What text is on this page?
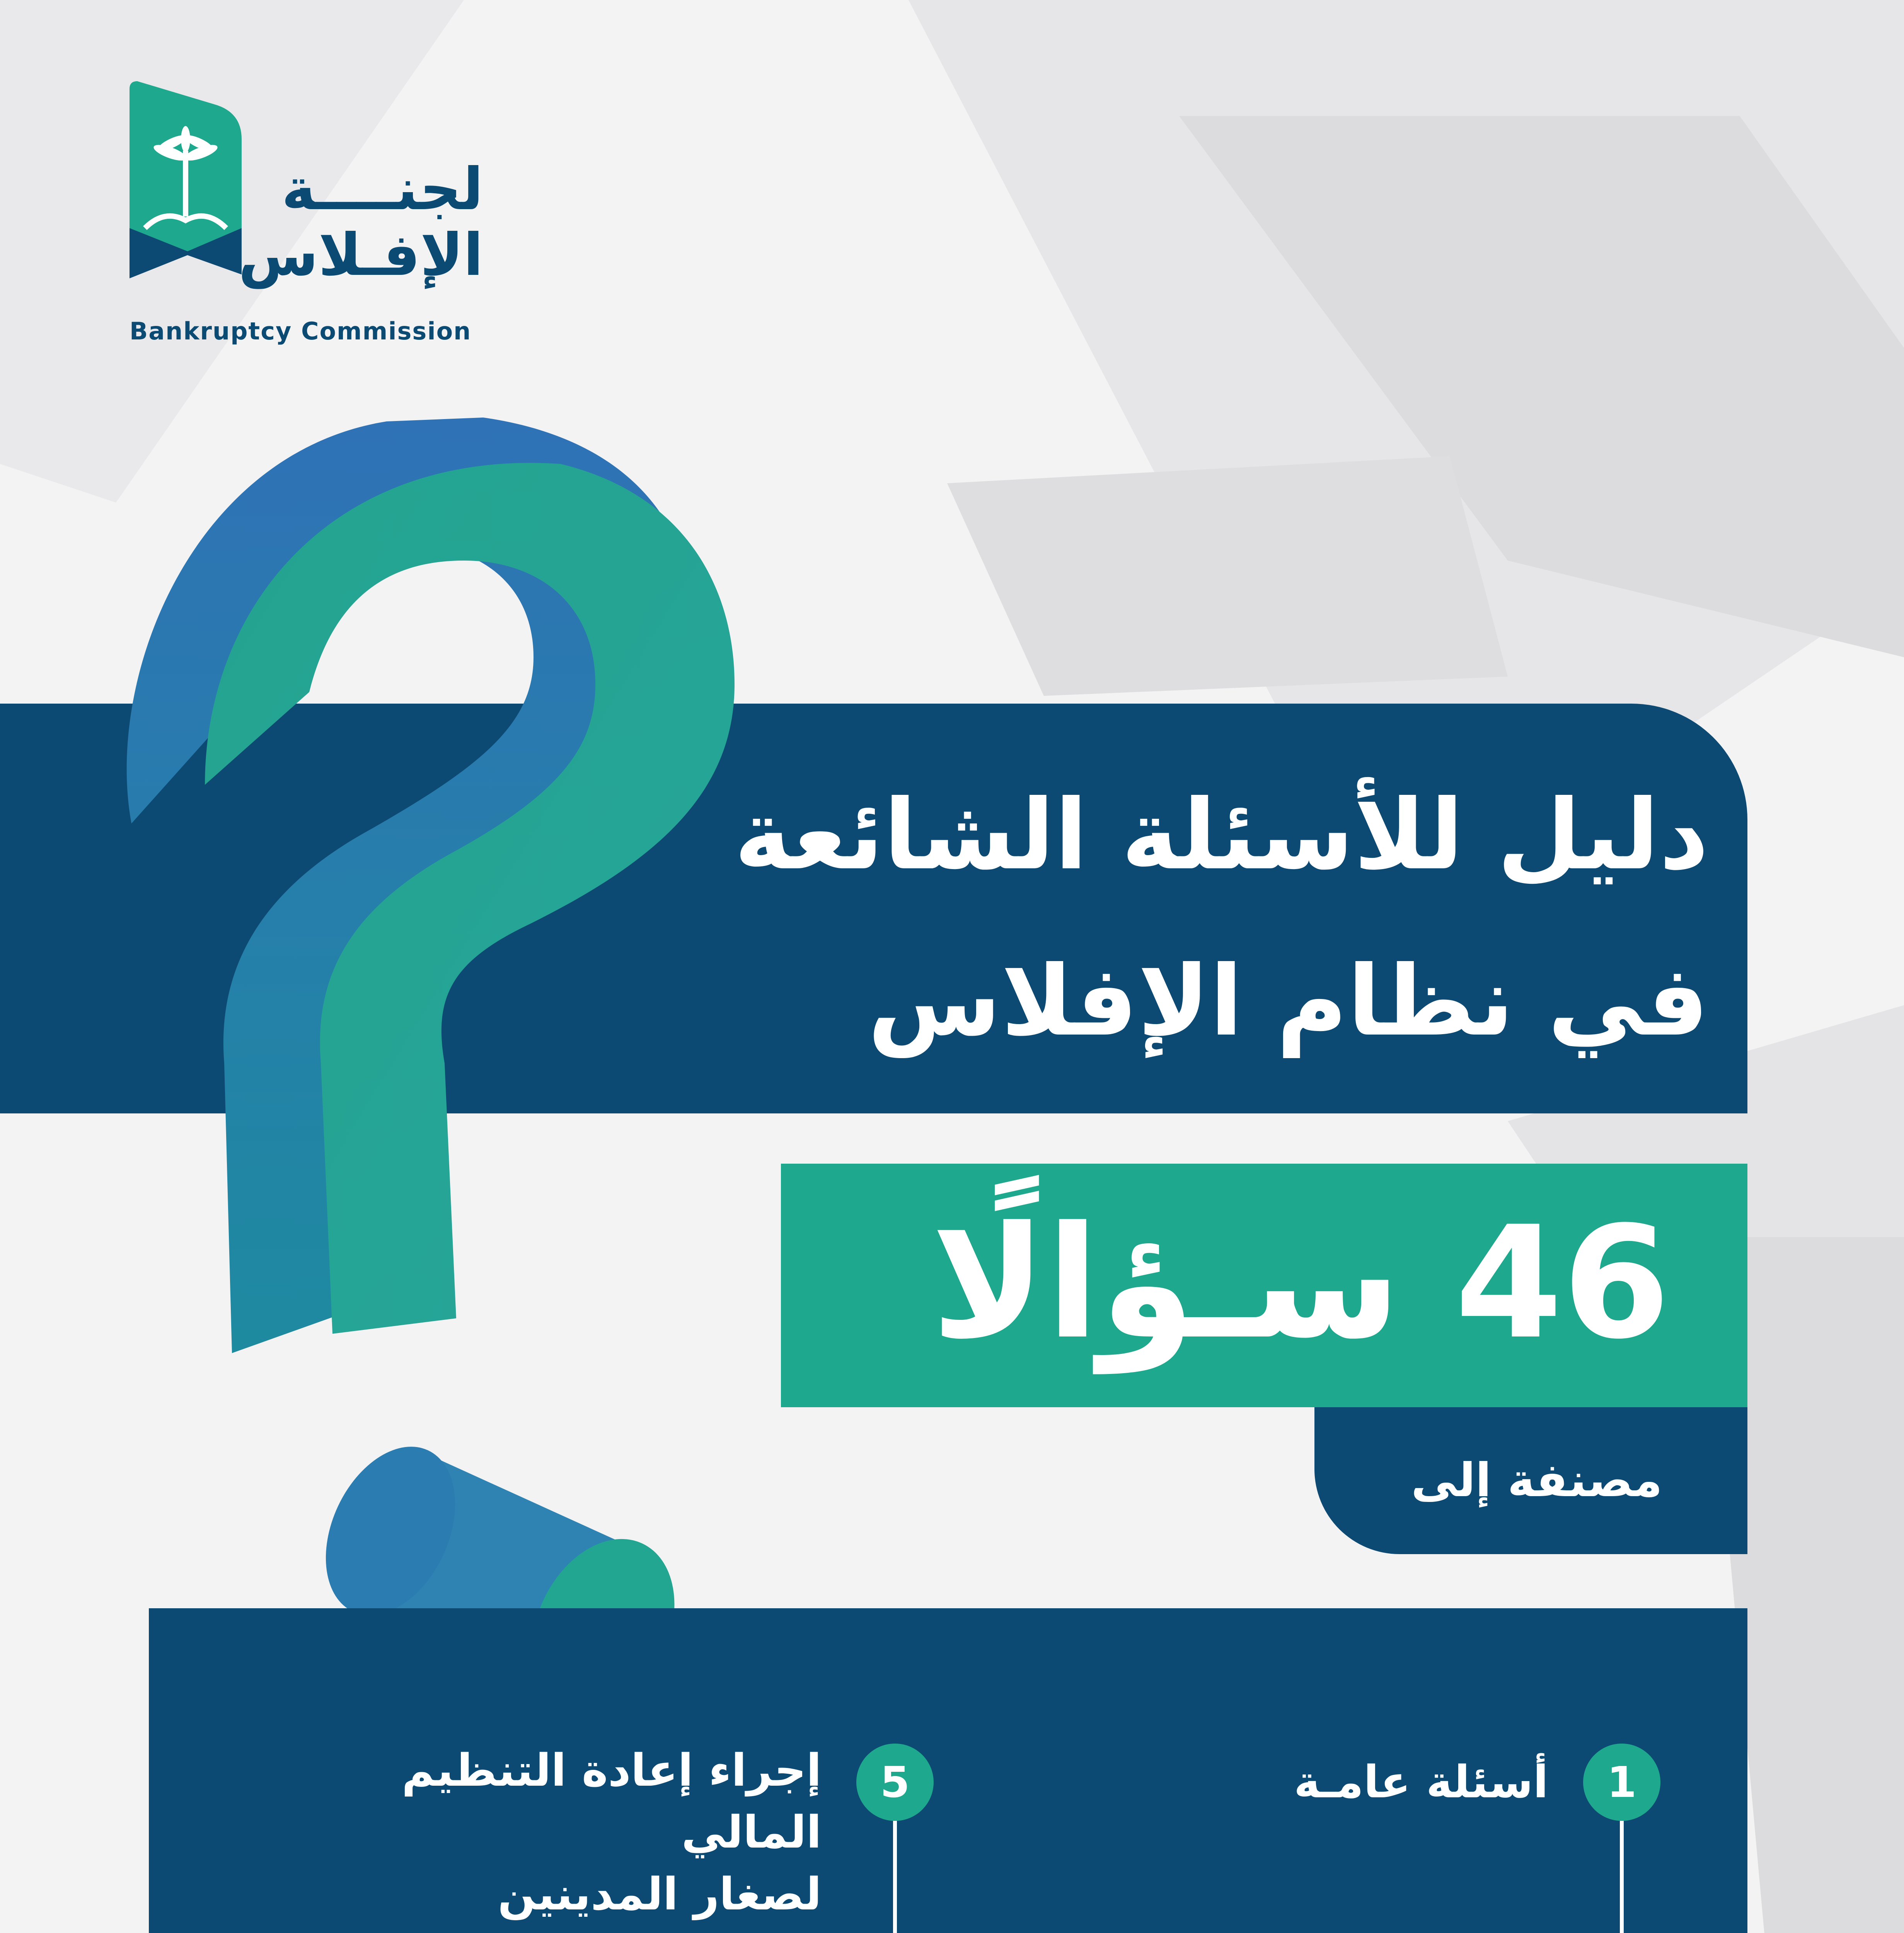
لجنــــة
الإفـلاس
Bankruptcy Commission
دليل للأسئلة الشائعة
في نظام الإفلاس
46 سـؤالًا
مصنفة إلى
1
أسئلة عامـة
5
إجراء إعادة التنظيم المالي
لصغار المدينين
